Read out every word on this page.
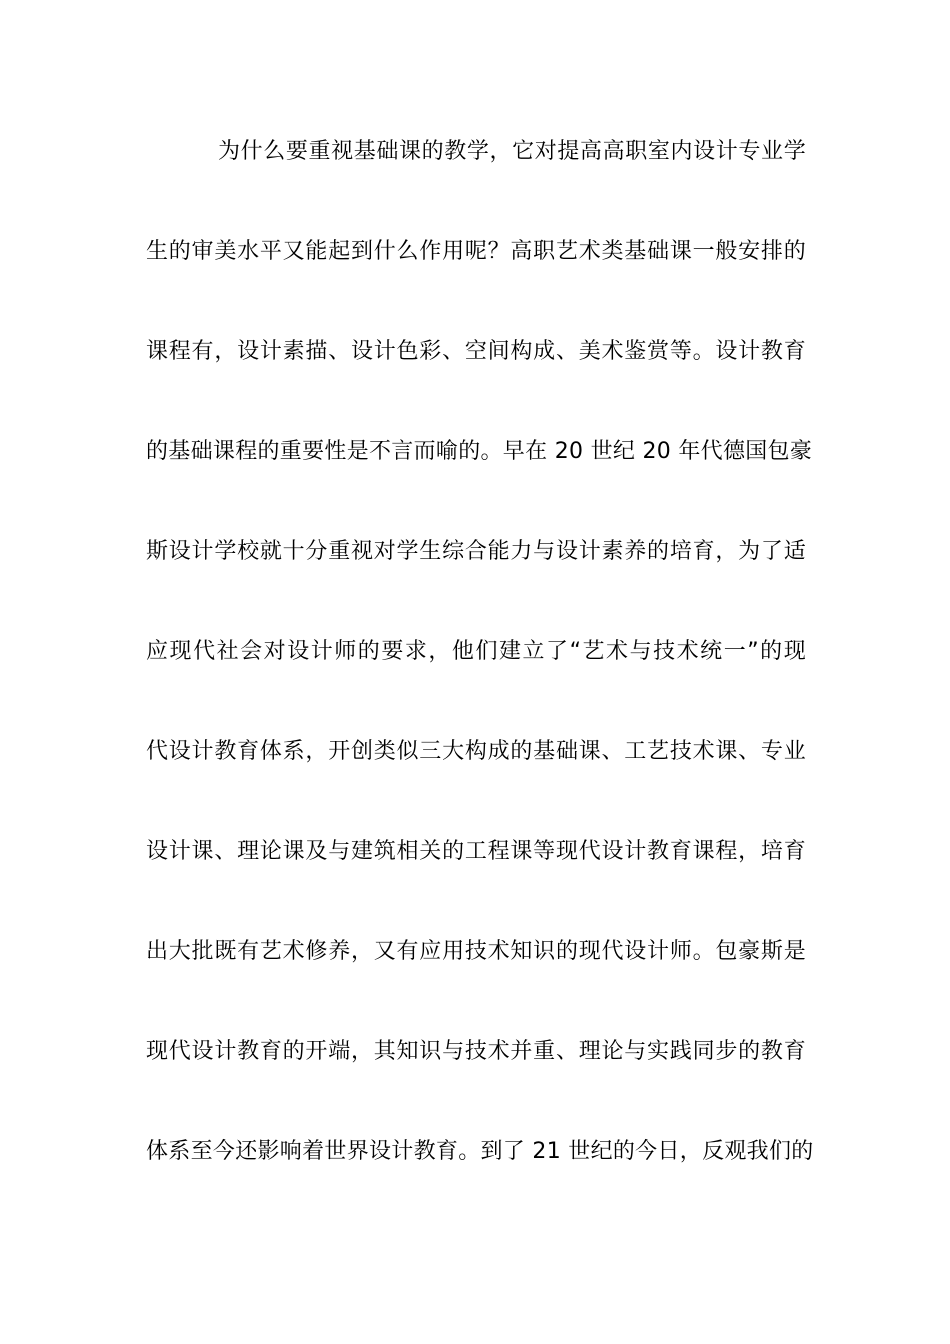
为什么要重视基础课的教学，它对提高高职室内设计专业学
生的审美水平又能起到什么作用呢？高职艺术类基础课一般安排的
课程有，设计素描、设计色彩、空间构成、美术鉴赏等。设计教育
的基础课程的重要性是不言而喻的。早在 20 世纪 20 年代德国包豪
斯设计学校就十分重视对学生综合能力与设计素养的培育，为了适
应现代社会对设计师的要求，他们建立了“艺术与技术统一”的现
代设计教育体系，开创类似三大构成的基础课、工艺技术课、专业
设计课、理论课及与建筑相关的工程课等现代设计教育课程，培育
出大批既有艺术修养，又有应用技术知识的现代设计师。包豪斯是
现代设计教育的开端，其知识与技术并重、理论与实践同步的教育
体系至今还影响着世界设计教育。到了 21 世纪的今日，反观我们的
